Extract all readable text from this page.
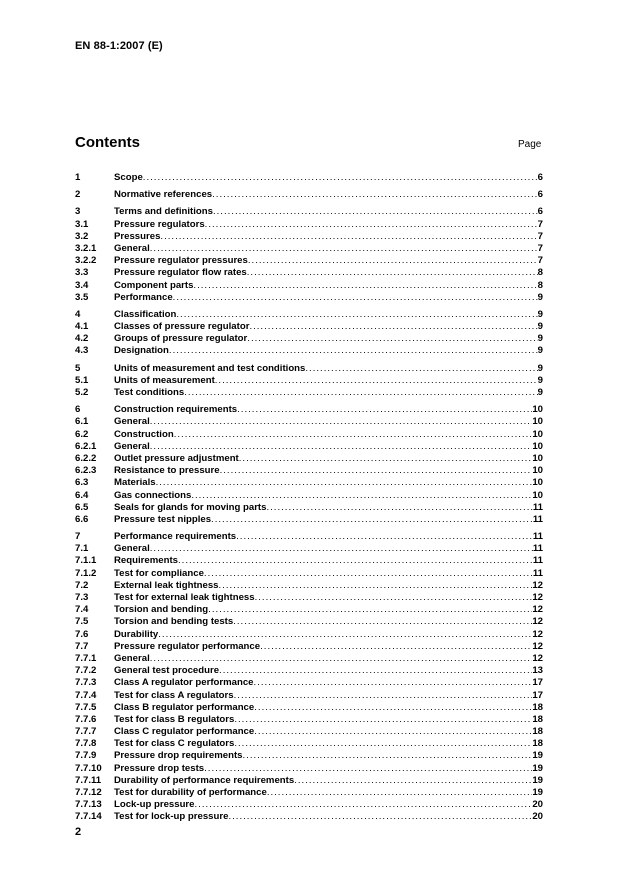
EN 88-1:2007 (E)
Contents	Page
1	Scope .....	6
2	Normative references .....	6
3	Terms and definitions .....	6
3.1	Pressure regulators .....	7
3.2	Pressures .....	7
3.2.1	General .....	7
3.2.2	Pressure regulator pressures .....	7
3.3	Pressure regulator flow rates .....	8
3.4	Component parts .....	8
3.5	Performance .....	9
4	Classification .....	9
4.1	Classes of pressure regulator .....	9
4.2	Groups of pressure regulator .....	9
4.3	Designation .....	9
5	Units of measurement and test conditions .....	9
5.1	Units of measurement .....	9
5.2	Test conditions .....	9
6	Construction requirements .....	10
6.1	General .....	10
6.2	Construction .....	10
6.2.1	General .....	10
6.2.2	Outlet pressure adjustment .....	10
6.2.3	Resistance to pressure .....	10
6.3	Materials .....	10
6.4	Gas connections .....	10
6.5	Seals for glands for moving parts .....	11
6.6	Pressure test nipples .....	11
7	Performance requirements .....	11
7.1	General .....	11
7.1.1	Requirements .....	11
7.1.2	Test for compliance .....	11
7.2	External leak tightness .....	12
7.3	Test for external leak tightness .....	12
7.4	Torsion and bending .....	12
7.5	Torsion and bending tests .....	12
7.6	Durability .....	12
7.7	Pressure regulator performance .....	12
7.7.1	General .....	12
7.7.2	General test procedure .....	13
7.7.3	Class A regulator performance .....	17
7.7.4	Test for class A regulators .....	17
7.7.5	Class B regulator performance .....	18
7.7.6	Test for class B regulators .....	18
7.7.7	Class C regulator performance .....	18
7.7.8	Test for class C regulators .....	18
7.7.9	Pressure drop requirements .....	19
7.7.10	Pressure drop tests .....	19
7.7.11	Durability of performance requirements .....	19
7.7.12	Test for durability of performance .....	19
7.7.13	Lock-up pressure .....	20
7.7.14	Test for lock-up pressure .....	20
2
